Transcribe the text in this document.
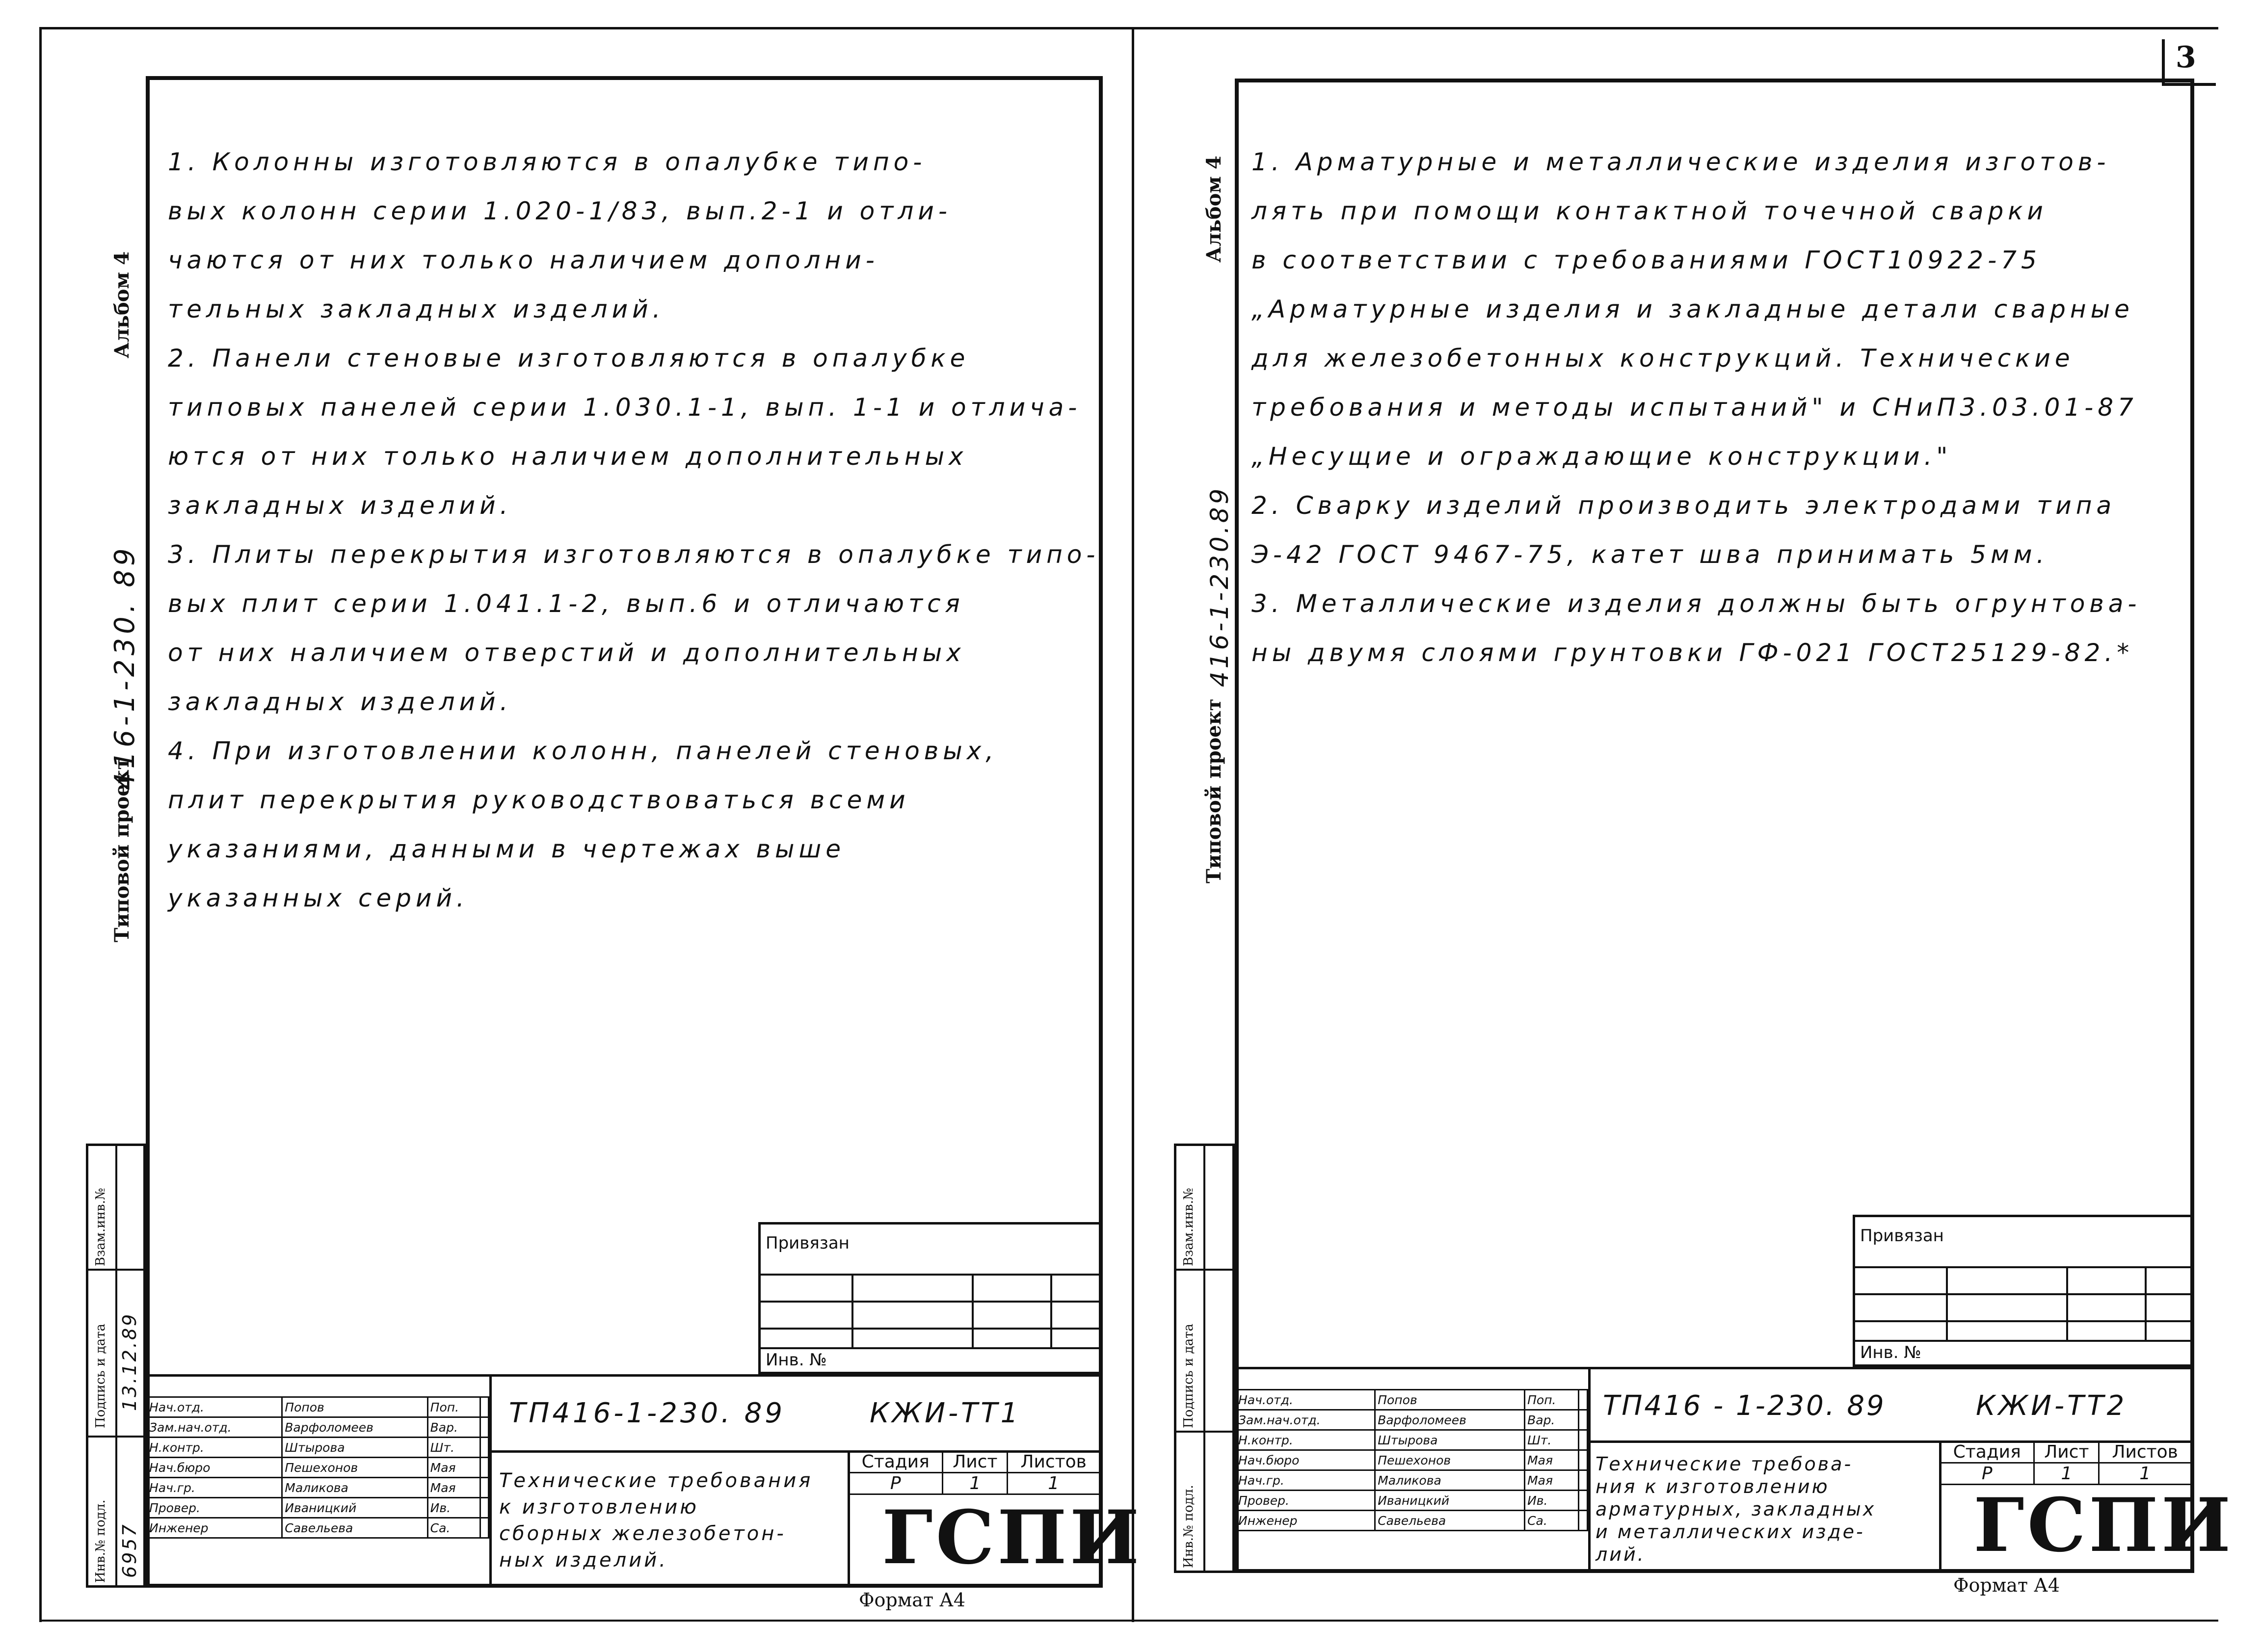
3
Альбом 4
Типовой проект
416-1-230. 89
1. Колонны изготовляются в опалубке типо-
вых колонн серии 1.020-1/83, вып.2-1 и отли-
чаются от них только наличием дополни-
тельных закладных изделий.
2. Панели стеновые изготовляются в опалубке
типовых панелей серии 1.030.1-1, вып. 1-1 и отлича-
ются от них только наличием дополнительных
закладных изделий.
3. Плиты перекрытия изготовляются в опалубке типо-
вых плит серии 1.041.1-2, вып.6 и отличаются
от них наличием отверстий и дополнительных
закладных изделий.
4. При изготовлении колонн, панелей стеновых,
плит перекрытия руководствоваться всеми
указаниями, данными в чертежах выше
указанных серий.
Взам.инв.№
Подпись и дата
Инв.№ подл.
13.12.89
6957
Привязан
Инв. №
Нач.отд.	Попов	Поп.	
Зам.нач.отд.	Варфоломеев	Вар.	
Н.контр.	Штырова	Шт.	
Нач.бюро	Пешехонов	Мая	
Нач.гр.	Маликова	Мая	
Провер.	Иваницкий	Ив.	
Инженер	Савельева	Са.	
ТП416-1-230. 89	КЖИ-ТТ1
Технические требования
к изготовлению
сборных железобетон-
ных изделий.
Стадия	Лист	Листов
Р	1	1
ГСПИ
Формат А4
Альбом 4
Типовой проект
416-1-230.89
1. Арматурные и металлические изделия изготов-
лять при помощи контактной точечной сварки
в соответствии с требованиями ГОСТ10922-75
„Арматурные изделия и закладные детали сварные
для железобетонных конструкций. Технические
требования и методы испытаний" и СНиП3.03.01-87
„Несущие и ограждающие конструкции."
2. Сварку изделий производить электродами типа
Э-42 ГОСТ 9467-75, катет шва принимать 5мм.
3. Металлические изделия должны быть огрунтова-
ны двумя слоями грунтовки ГФ-021 ГОСТ25129-82.*
Взам.инв.№
Подпись и дата
Инв.№ подл.
Привязан
Инв. №
Нач.отд.	Попов	Поп.	
Зам.нач.отд.	Варфоломеев	Вар.	
Н.контр.	Штырова	Шт.	
Нач.бюро	Пешехонов	Мая	
Нач.гр.	Маликова	Мая	
Провер.	Иваницкий	Ив.	
Инженер	Савельева	Са.	
ТП416 - 1-230. 89	КЖИ-ТТ2
Технические требова-
ния к изготовлению
арматурных, закладных
и металлических изде-
лий.
Стадия	Лист	Листов
Р	1	1
ГСПИ
Формат А4
